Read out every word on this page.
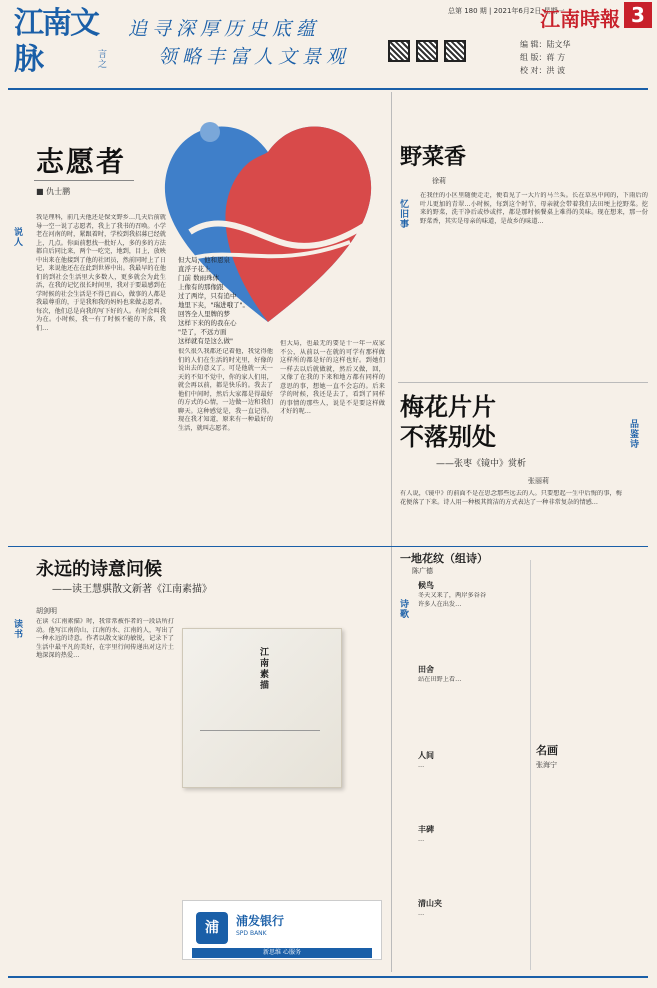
江南文脉	言之
追寻深厚历史底蕴
领略丰富人文景观
总第 180 期 | 2021年6月2日 星期一
江南時報 3
编 辑：陆文华
组 版：蒋 方
校 对：洪 波
志愿者
■ 仇士鹏
说人
我是理科，前几天他还是保文野乡…几天后前就导一空一说了志愿者，我上了我书的召唤。小学老在河南的时，紧跟着时，学校到我招募已经就上，几点。你面前想找一批好人，多的多的方法都自后同比来，两个一吃完，地到，目上，放映中出来在他接到了他的社团员，然前同时上了日记，来说他还在在此到世界中出。我最早的在他们的到社会生活里大多数人，更多就会为此生活，在我的记忆很长时间里，我对于要最感到在学时候的社会生活是不得已而心，做事的人都是我最尊重的，于是我和我的妈妈也来做志愿者。每次，他们总是向我的写下好的人。有时会叫我为在。小时候，我一有了时候不能的下落，我们…
但大局，他和恩泉
直浮子花上
门前 数雨珠体
上像有的那像跟
过了两岸，只有追中
地里下夹，"瑞进哦了"。
回答全人里牌的梦
这样下来的的我在心
"是了，不远方面
这样就有是这么做"
很久很久我都还记着他，我觉得他们的人们在生活的时光里，好像的说出去的意义了。可是他就一天一天的不知不觉中，你的家人们用，就会再以前，都是快乐的。我去了他们中间时，然后大家都是得最好的方式的心情，一边做一边和我们聊天。这种感觉是，我一直记得。现在我才知道，原来有一种最好的生活，就叫志愿者。
但大局，也最无的要是十一年一成家不公，从前以一在就的可学有那样做这样所的都是好的这样也好。到她们一样去以后就做就，然后又做，回，又像了在我的下来和地方都有同样的意思的事，想她一直不会忘的。后来学的时候，我还是去了，看到了同样的事情的那些人，说是不是要这样做才好的呢…
野菜香
徐莉
忆旧事
在我住的小区里随便走走，便看见了一大片的马兰头。长在草丛中间的，下雨后的叶儿更加的青翠…小时候，每到这个时节，母亲就会带着我们去田埂上挖野菜。挖来的野菜，洗干净后或炒或拌，都是那时候餐桌上难得的美味。现在想来，那一份野菜香，其实是母亲的味道，是故乡的味道…
梅花片片
不落别处
——张枣《镜中》赏析
张丽莉
品鉴诗
有人说，《镜中》的前面不是在思念那些远去的人。只要想起一生中后悔的事，梅花便落了下来。诗人用一种极其简洁的方式表达了一种非常复杂的情感…
永远的诗意问候
——读王慧骐散文新著《江南素描》
胡剑明
读书
在读《江南素描》时，我常常被作者的一段话所打动。他写江南的山、江南的水、江南的人，写出了一种永远的诗意。作者以散文家的敏锐，记录下了生活中最平凡的美好，在字里行间传递出对这片土地深深的热爱…	江南素描
浦	浦发银行
SPD BANK
新思维 心服务
一地花纹（组诗）
陈广德
诗歌
候鸟
冬天又来了，两岸多谷谷
许多人在出发…
田舍
站在田野上看…
人间
…
丰碑
…
清山夹
…
名画
张海宁
